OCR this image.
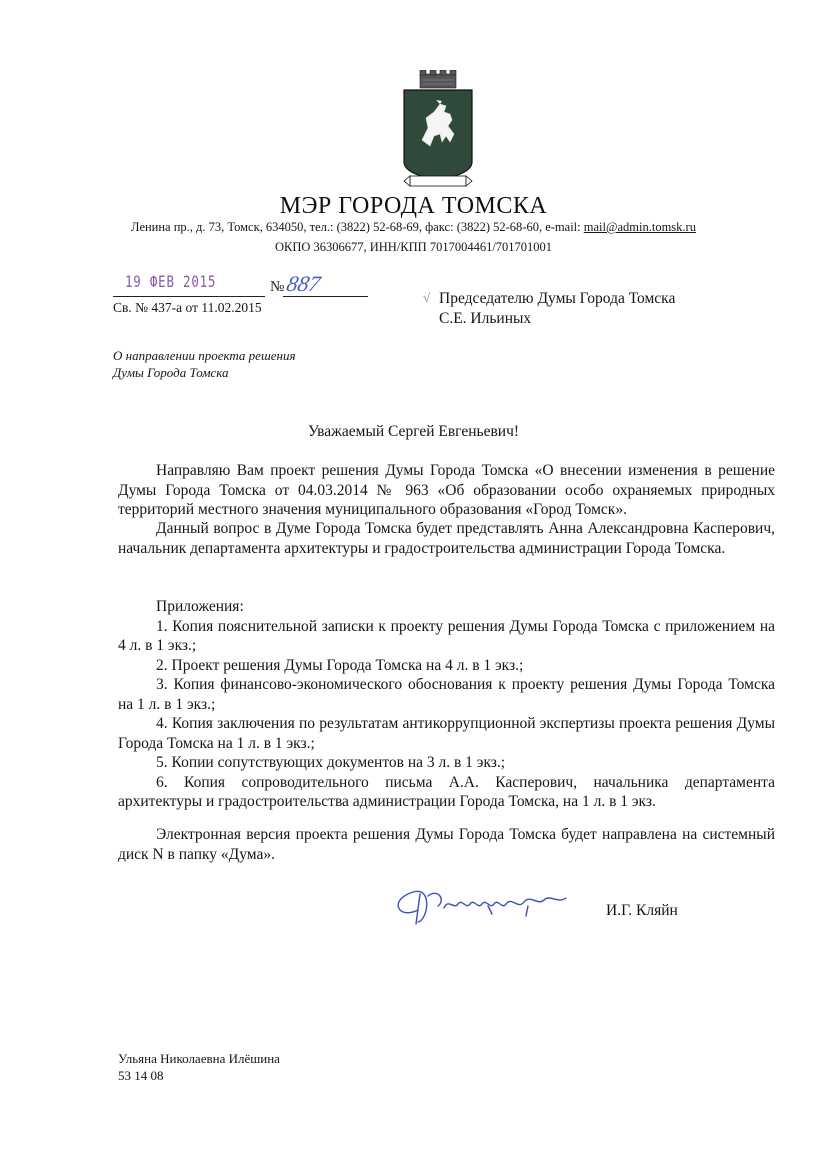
МЭР ГОРОДА ТОМСКА
Ленина пр., д. 73, Томск, 634050, тел.: (3822) 52-68-69, факс: (3822) 52-68-60, e-mail: mail@admin.tomsk.ru
ОКПО 36306677, ИНН/КПП 7017004461/701701001
19 ФЕВ 2015	№ 887
Св. № 437-а от 11.02.2015
√ Председателю Думы Города Томска
С.Е. Ильиных
О направлении проекта решения
Думы Города Томска
Уважаемый Сергей Евгеньевич!

Направляю Вам проект решения Думы Города Томска «О внесении изменения в решение Думы Города Томска от 04.03.2014 № 963 «Об образовании особо охраняемых природных территорий местного значения муниципального образования «Город Томск».

Данный вопрос в Думе Города Томска будет представлять Анна Александровна Касперович, начальник департамента архитектуры и градостроительства администрации Города Томска.

Приложения:

1. Копия пояснительной записки к проекту решения Думы Города Томска с приложением на 4 л. в 1 экз.;

2. Проект решения Думы Города Томска на 4 л. в 1 экз.;

3. Копия финансово-экономического обоснования к проекту решения Думы Города Томска на 1 л. в 1 экз.;

4. Копия заключения по результатам антикоррупционной экспертизы проекта решения Думы Города Томска на 1 л. в 1 экз.;

5. Копии сопутствующих документов на 3 л. в 1 экз.;

6. Копия сопроводительного письма А.А. Касперович, начальника департамента архитектуры и градостроительства администрации Города Томска, на 1 л. в 1 экз.

Электронная версия проекта решения Думы Города Томска будет направлена на системный диск N в папку «Дума».

И.Г. Кляйн
Ульяна Николаевна Илёшина
53 14 08
